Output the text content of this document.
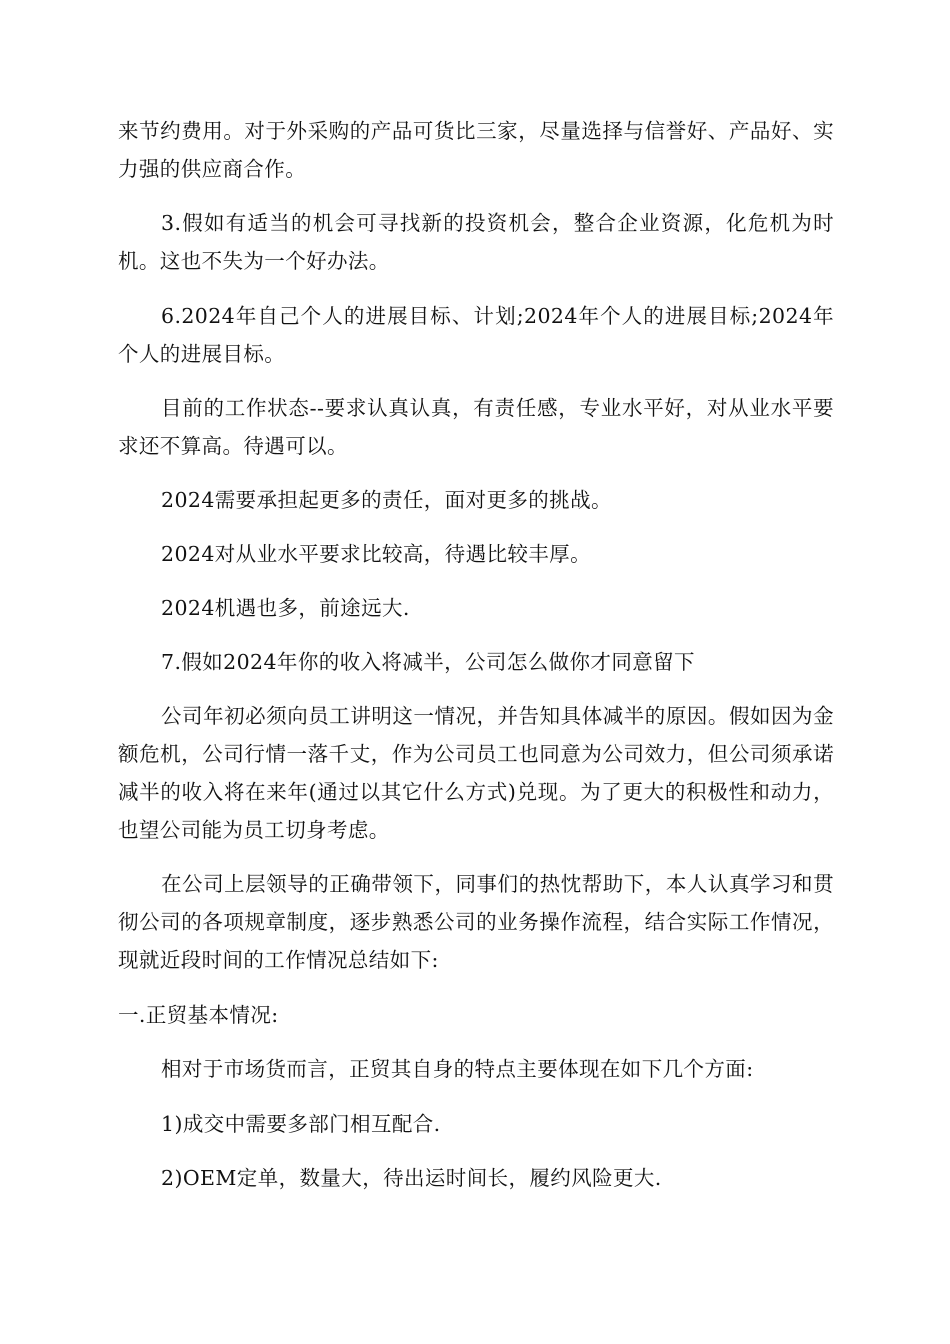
来节约费用。对于外采购的产品可货比三家，尽量选择与信誉好、产品好、实力强的供应商合作。

3.假如有适当的机会可寻找新的投资机会，整合企业资源，化危机为时机。这也不失为一个好办法。

6.2024年自己个人的进展目标、计划;2024年个人的进展目标;2024年个人的进展目标。

目前的工作状态--要求认真认真，有责任感，专业水平好，对从业水平要求还不算高。待遇可以。

2024需要承担起更多的责任，面对更多的挑战。

2024对从业水平要求比较高，待遇比较丰厚。

2024机遇也多，前途远大.

7.假如2024年你的收入将减半，公司怎么做你才同意留下

公司年初必须向员工讲明这一情况，并告知具体减半的原因。假如因为金额危机，公司行情一落千丈，作为公司员工也同意为公司效力，但公司须承诺减半的收入将在来年(通过以其它什么方式)兑现。为了更大的积极性和动力，也望公司能为员工切身考虑。

在公司上层领导的正确带领下，同事们的热忱帮助下，本人认真学习和贯彻公司的各项规章制度，逐步熟悉公司的业务操作流程，结合实际工作情况，现就近段时间的工作情况总结如下:

一.正贸基本情况:

相对于市场货而言，正贸其自身的特点主要体现在如下几个方面:

1)成交中需要多部门相互配合.

2)OEM定单，数量大，待出运时间长，履约风险更大.
